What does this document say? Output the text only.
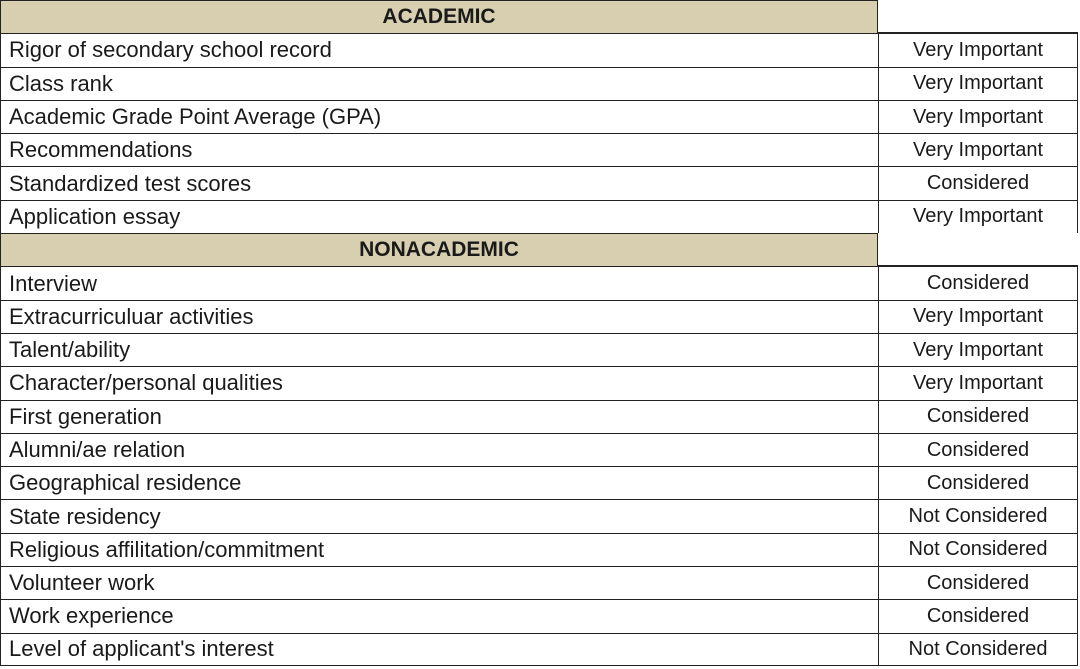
ACADEMIC
Rigor of secondary school record	Very Important
Class rank	Very Important
Academic Grade Point Average (GPA)	Very Important
Recommendations	Very Important
Standardized test scores	Considered
Application essay	Very Important
NONACADEMIC
Interview	Considered
Extracurriculuar activities	Very Important
Talent/ability	Very Important
Character/personal qualities	Very Important
First generation	Considered
Alumni/ae relation	Considered
Geographical residence	Considered
State residency	Not Considered
Religious affilitation/commitment	Not Considered
Volunteer work	Considered
Work experience	Considered
Level of applicant's interest	Not Considered
